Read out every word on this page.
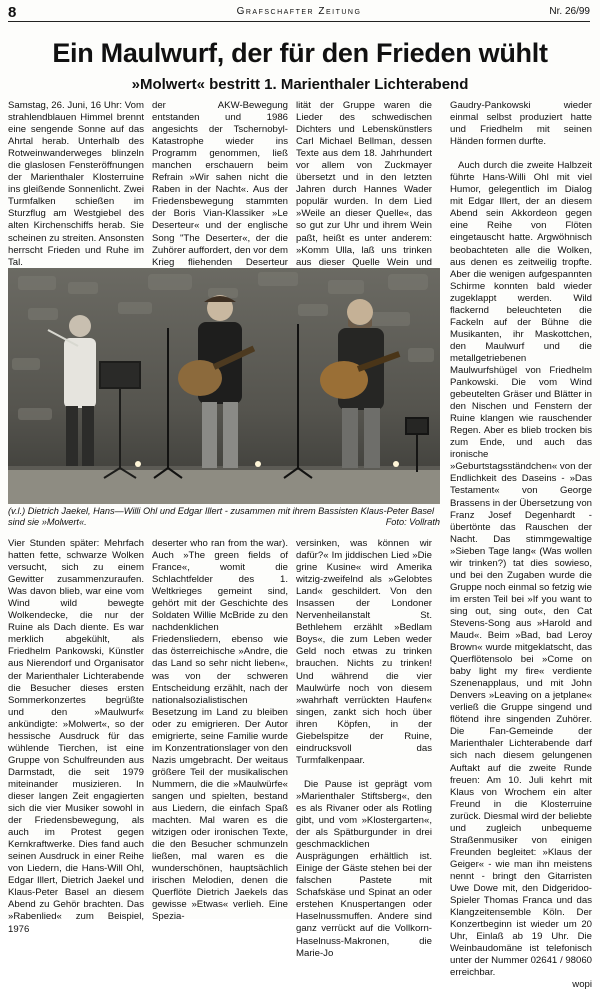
8	Grafschafter Zeitung	Nr. 26/99
Ein Maulwurf, der für den Frieden wühlt
»Molwert« bestritt 1. Marienthaler Lichterabend

Samstag, 26. Juni, 16 Uhr: Vom strahlendblauen Himmel brennt eine sengende Sonne auf das Ahrtal herab. Unterhalb des Rotweinwanderweges blinzeln die glaslosen Fensteröffnungen der Marienthaler Klosterruine ins gleißende Sonnenlicht. Zwei Turmfalken schießen im Sturzflug am Westgiebel des alten Kirchenschiffs herab. Sie scheinen zu streiten. Ansonsten herrscht Frieden und Ruhe im Tal.

der AKW-Bewegung entstanden und 1986 angesichts der Tschernobyl-Katastrophe wieder ins Programm genommen, ließ manchen erschauern beim Refrain »Wir sahen nicht die Raben in der Nacht«. Aus der Friedensbewegung stammten der Boris Vian-Klassiker »Le Deserteur« und der englische Song "The Deserter«, der die Zuhörer auffordert, den vor dem Krieg fliehenden Deserteur

lität der Gruppe waren die Lieder des schwedischen Dichters und Lebenskünstlers Carl Michael Bellman, dessen Texte aus dem 18. Jahrhundert vor allem von Zuckmayer übersetzt und in den letzten Jahren durch Hannes Wader populär wurden. In dem Lied »Weile an dieser Quelle«, das so gut zur Uhr und ihrem Wein paßt, heißt es unter anderem: »Komm Ulla, laß uns trinken aus dieser Quelle Wein und

Gaudry-Pankowski wieder einmal selbst produziert hatte und Friedhelm mit seinen Händen formen durfte.

Auch durch die zweite Halbzeit führte Hans-Willi Ohl mit viel Humor, gelegentlich im Dialog mit Edgar Illert, der an diesem Abend sein Akkordeon gegen eine Reihe von Flöten eingetauscht hatte. Argwöhnisch beobachteten alle die Wolken, aus denen es zeitweilig tropfte. Aber die wenigen aufgespannten Schirme konnten bald wieder zugeklappt werden. Wild flackernd beleuchteten die Fackeln auf der Bühne die Musikanten, ihr Maskottchen, den Maulwurf und die metallgetriebenen Maulwurfshügel von Friedhelm Pankowski. Die vom Wind gebeutelten Gräser und Blätter in den Nischen und Fenstern der Ruine klangen wie rauschender Regen. Aber es blieb trocken bis zum Ende, und auch das ironische »Geburtstagsständchen« von der Endlichkeit des Daseins - »Das Testament« von George Brassens in der Übersetzung von Franz Josef Degenhardt - übertönte das Rauschen der Nacht. Das stimmgewaltige »Sieben Tage lang« (Was wollen wir trinken?) tat dies sowieso, und bei den Zugaben wurde die Gruppe noch einmal so fetzig wie im ersten Teil bei »If you want to sing out, sing out«, den Cat Stevens-Song aus »Harold and Maud«. Beim »Bad, bad Leroy Brown« wurde mitgeklatscht, das Querflötensolo bei »Come on baby light my fire« verdiente Szenenapplaus, und mit John Denvers »Leaving on a jetplane« verließ die Gruppe singend und flötend ihre singenden Zuhörer. Die Fan-Gemeinde der Marienthaler Lichterabende darf sich nach diesem gelungenen Auftakt auf die zweite Runde freuen: Am 10. Juli kehrt mit Klaus von Wrochem ein alter Freund in die Klosterruine zurück. Diesmal wird der beliebte und zugleich unbequeme Straßenmusiker von einigen Freunden begleitet: »Klaus der Geiger« - wie man ihn meistens nennt - bringt den Gitarristen Uwe Dowe mit, den Didgeridoo-Spieler Thomas Franca und das Klangzeitensemble Köln. Der Konzertbeginn ist wieder um 20 Uhr, Einlaß ab 19 Uhr. Die Weinbaudomäne ist telefonisch unter der Nummer 02641 / 98060 erreichbar.

wopi
(v.l.) Dietrich Jaekel, Hans—Willi Ohl und Edgar Illert - zusammen mit ihrem Bassisten Klaus-Peter Basel sind sie »Molwert«.	Foto: Vollrath

Vier Stunden später: Mehrfach hatten fette, schwarze Wolken versucht, sich zu einem Gewitter zusammenzuraufen. Was davon blieb, war eine vom Wind wild bewegte Wolkendecke, die nur der Ruine als Dach diente. Es war merklich abgekühlt, als Friedhelm Pankowski, Künstler aus Nierendorf und Organisator der Marienthaler Lichterabende die Besucher dieses ersten Sommerkonzertes begrüßte und den »Maulwurf« ankündigte: »Molwert«, so der hessische Ausdruck für das wühlende Tierchen, ist eine Gruppe von Schulfreunden aus Darmstadt, die seit 1979 miteinander musizieren. In dieser langen Zeit engagierten sich die vier Musiker sowohl in der Friedensbewegung, als auch im Protest gegen Kernkraftwerke. Dies fand auch seinen Ausdruck in einer Reihe von Liedern, die Hans-Will Ohl, Edgar Illert, Dietrich Jaekel und Klaus-Peter Basel an diesem Abend zu Gehör brachten. Das »Rabenlied« zum Beispiel, 1976

deserter who ran from the war). Auch »The green fields of France«, womit die Schlachtfelder des 1. Weltkrieges gemeint sind, gehört mit der Geschichte des Soldaten Willie McBride zu den nachdenklichen Friedensliedern, ebenso wie das österreichische »Andre, die das Land so sehr nicht lieben«, was von der schweren Entscheidung erzählt, nach der nationalsozialistischen Besetzung im Land zu bleiben oder zu emigrieren. Der Autor emigrierte, seine Familie wurde im Konzentrationslager von den Nazis umgebracht. Der weitaus größere Teil der musikalischen Nummern, die die »Maulwürfe« sangen und spielten, bestand aus Liedern, die einfach Spaß machten. Mal waren es die witzigen oder ironischen Texte, die den Besucher schmunzeln ließen, mal waren es die wunderschönen, hauptsächlich irischen Melodien, denen die Querflöte Dietrich Jaekels das gewisse »Etwas« verlieh. Eine Spezia-

versinken, was können wir dafür?« Im jiddischen Lied »Die grine Kusine« wird Amerika witzig-zweifelnd als »Gelobtes Land« geschildert. Von den Insassen der Londoner Nervenheilanstalt St. Bethlehem erzählt »Bedlam Boys«, die zum Leben weder Geld noch etwas zu trinken brauchen. Nichts zu trinken! Und während die vier Maulwürfe noch von diesem »wahrhaft verrückten Haufen« singen, zankt sich hoch über ihren Köpfen, in der Giebelspitze der Ruine, eindrucksvoll das Turmfalkenpaar.

Die Pause ist geprägt vom »Marienthaler Stiftsberg«, den es als Rivaner oder als Rotling gibt, und vom »Klostergarten«, der als Spätburgunder in drei geschmacklichen Ausprägungen erhältlich ist. Einige der Gäste stehen bei der falschen Pastete mit Schafskäse und Spinat an oder erstehen Knuspertangen oder Haselnussmuffen. Andere sind ganz verrückt auf die Vollkorn-Haselnuss-Makronen, die Marie-Jo
